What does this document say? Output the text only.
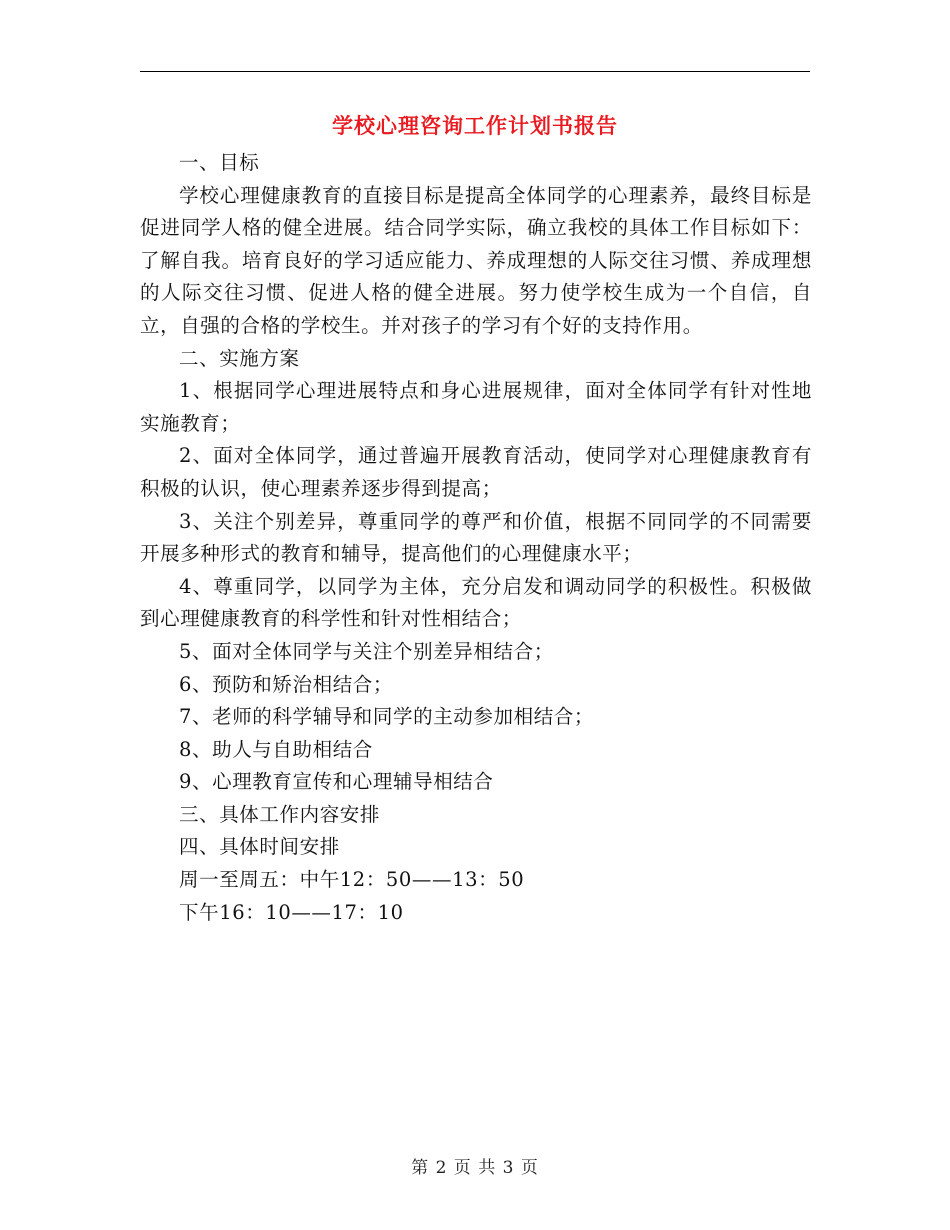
学校心理咨询工作计划书报告

一、目标

学校心理健康教育的直接目标是提高全体同学的心理素养，最终目标是促进同学人格的健全进展。结合同学实际，确立我校的具体工作目标如下：了解自我。培育良好的学习适应能力、养成理想的人际交往习惯、养成理想的人际交往习惯、促进人格的健全进展。努力使学校生成为一个自信，自立，自强的合格的学校生。并对孩子的学习有个好的支持作用。

二、实施方案

1、根据同学心理进展特点和身心进展规律，面对全体同学有针对性地实施教育；

2、面对全体同学，通过普遍开展教育活动，使同学对心理健康教育有积极的认识，使心理素养逐步得到提高；

3、关注个别差异，尊重同学的尊严和价值，根据不同同学的不同需要开展多种形式的教育和辅导，提高他们的心理健康水平；

4、尊重同学，以同学为主体，充分启发和调动同学的积极性。积极做到心理健康教育的科学性和针对性相结合；

5、面对全体同学与关注个别差异相结合；

6、预防和矫治相结合；

7、老师的科学辅导和同学的主动参加相结合；

8、助人与自助相结合

9、心理教育宣传和心理辅导相结合

三、具体工作内容安排

四、具体时间安排

周一至周五：中午12：50——13：50

下午16：10——17：10

第 2 页 共 3 页
